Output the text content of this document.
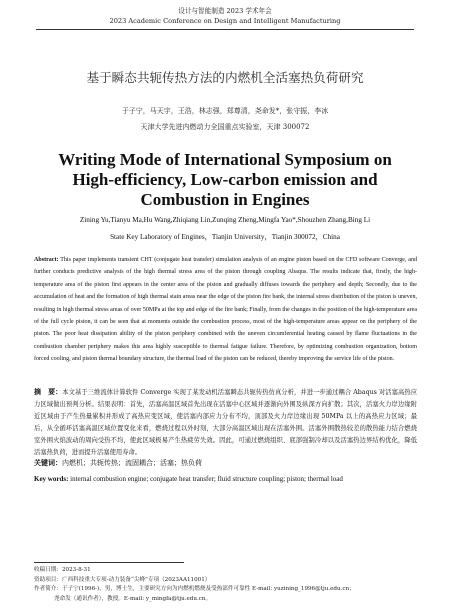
设计与智能制造 2023 学术年会
2023 Academic Conference on Design and Intelligent Manufacturing
基于瞬态共轭传热方法的内燃机全活塞热负荷研究
于子宁，马天宇，王浩，林志强，郑尊清，尧命发*，张守振，李冰
天津大学先进内燃动力全国重点实验室，天津 300072
Writing Mode of International Symposium on High-efficiency, Low-carbon emission and Combustion in Engines
Zining Yu,Tianyu Ma,Hu Wang,Zhiqiang Lin,Zunqing Zheng,Mingfa Yao*,Shouzhen Zhang,Bing Li
State Key Laboratory of Engines，Tianjin University，Tianjin 300072，China
Abstract: This paper implements transient CHT (conjugate heat transfer) simulation analysis of an engine piston based on the CFD software Converge, and further conducts predictive analysis of the high thermal stress area of the piston through coupling Abaqus. The results indicate that, firstly, the high-temperature area of the piston first appears in the center area of the piston and gradually diffuses towards the periphery and depth; Secondly, due to the accumulation of heat and the formation of high thermal stain areas near the edge of the piston fire bank, the internal stress distribution of the piston is uneven, resulting in high thermal stress areas of over 50MPa at the top and edge of the fire bank; Finally, from the changes in the position of the high-temperature area of the full cycle piston, it can be seen that at moments outside the combustion process, most of the high-temperature areas appear on the periphery of the piston. The poor heat dissipation ability of the piston periphery combined with the uneven circumferential heating caused by flame fluctuations in the combustion chamber periphery makes this area highly susceptible to thermal fatigue failure. Therefore, by optimizing combustion organization, bottom forced cooling, and piston thermal boundary structure, the thermal load of the piston can be reduced, thereby improving the service life of the piston.
摘　要：本文基于三维流体计算软件 Converge 实现了某发动机活塞瞬态共轭传热仿真分析，并进一步通过耦合 Abaqus 对活塞高热应力区域做出预判分析。结果表明：首先，活塞高温区域首先出现在活塞中心区域并逐渐向外围及纵深方向扩散；其次，活塞火力岸边缘附近区域由于产生热量累积并形成了高热应变区域，使活塞内部应力分布不均，顶部及火力岸边缘出现 50MPa 以上的高热应力区域；最后，从全循环活塞高温区域位置变化来看，燃烧过程以外时刻，大部分高温区域出现在活塞外围。活塞外围散热较差的散热能力结合燃烧室外围火焰波动的周向受热不均，使此区域极易产生热疲劳失效。因此，可通过燃烧组织、底部强制冷却以及活塞热边界结构优化，降低活塞热负荷，进而提升活塞使用寿命。
关键词：内燃机；共轭传热；流固耦合；活塞；热负荷
Key words: internal combustion engine; conjugate heat transfer; fluid structure coupling; piston; thermal load
收稿日期：2023-8-31
资助项目：广西科技重大专项-动力装备“尖峰”专项（2023AA11001）
作者简介：于子宁(1996-)，男，博士生，主要研究方向为内燃机燃烧及受热部件可靠性 E-mail: yuzining_1996@tju.edu.cn；
尧命发（通讯作者），教授。E-mail: y_mingfa@tju.edu.cn。
